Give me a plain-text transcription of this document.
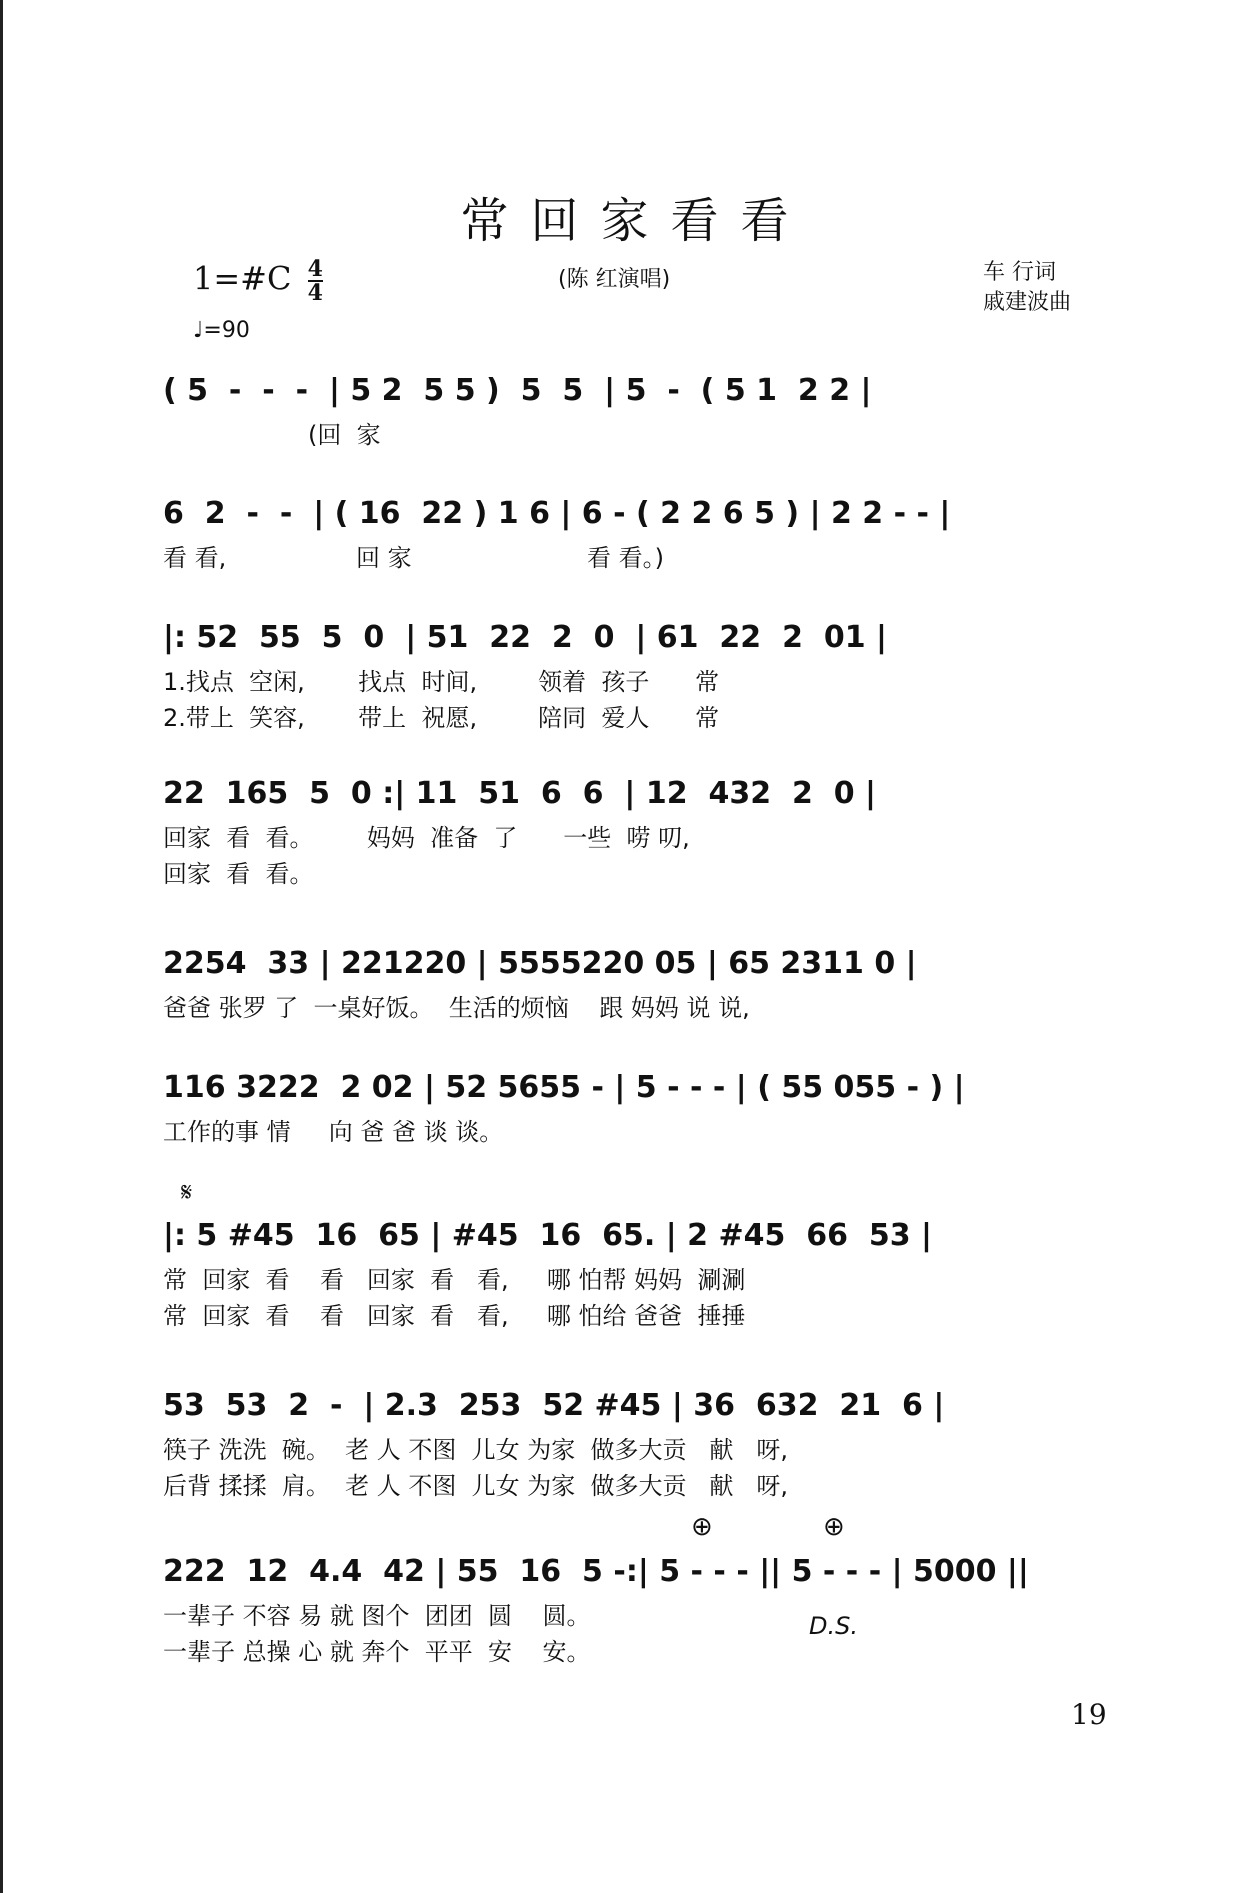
常回家看看
1=#C $\frac{4}{4}$
♩=90
(陈 红演唱)	车 行词
戚建波曲
( 5  -  -  -  | 5 2  5 5 )  5  5  | 5  -  ( 5 1  2 2 |
(回  家
6  2  -  -  | ( 16  22 ) 1 6 | 6 - ( 2 2 6 5 ) | 2 2 - - |
看 看,                 回 家                       看 看。)
|: 52  55  5  0  | 51  22  2  0  | 61  22  2  01 |
1.找点  空闲,       找点  时间,        领着  孩子      常
2.带上  笑容,       带上  祝愿,        陪同  爱人      常
22  165  5  0 :| 11  51  6  6  | 12  432  2  0 |
回家  看  看。       妈妈  准备  了      一些  唠 叨,
回家  看  看。
2254  33 | 221220 | 5555220 05 | 65 2311 0 |
爸爸 张罗 了  一桌好饭。  生活的烦恼    跟 妈妈 说 说,
116 3222  2 02 | 52 5655 - | 5 - - - | ( 55 055 - ) |
工作的事 情     向 爸 爸 谈 谈。
𝄋
|: 5 #45  16  65 | #45  16  65. | 2 #45  66  53 |
常  回家  看    看   回家  看   看,     哪 怕帮 妈妈  涮涮
常  回家  看    看   回家  看   看,     哪 怕给 爸爸  捶捶
53  53  2  -  | 2.3  253  52 #45 | 36  632  21  6 |
筷子 洗洗  碗。  老 人 不图  儿女 为家  做多大贡   献   呀,
后背 揉揉  肩。  老 人 不图  儿女 为家  做多大贡   献   呀,
⊕	⊕
222  12  4.4  42 | 55  16  5 -:| 5 - - - || 5 - - - | 5000 ||
一辈子 不容 易 就 图个  团团  圆    圆。
一辈子 总操 心 就 奔个  平平  安    安。
D.S.
19
